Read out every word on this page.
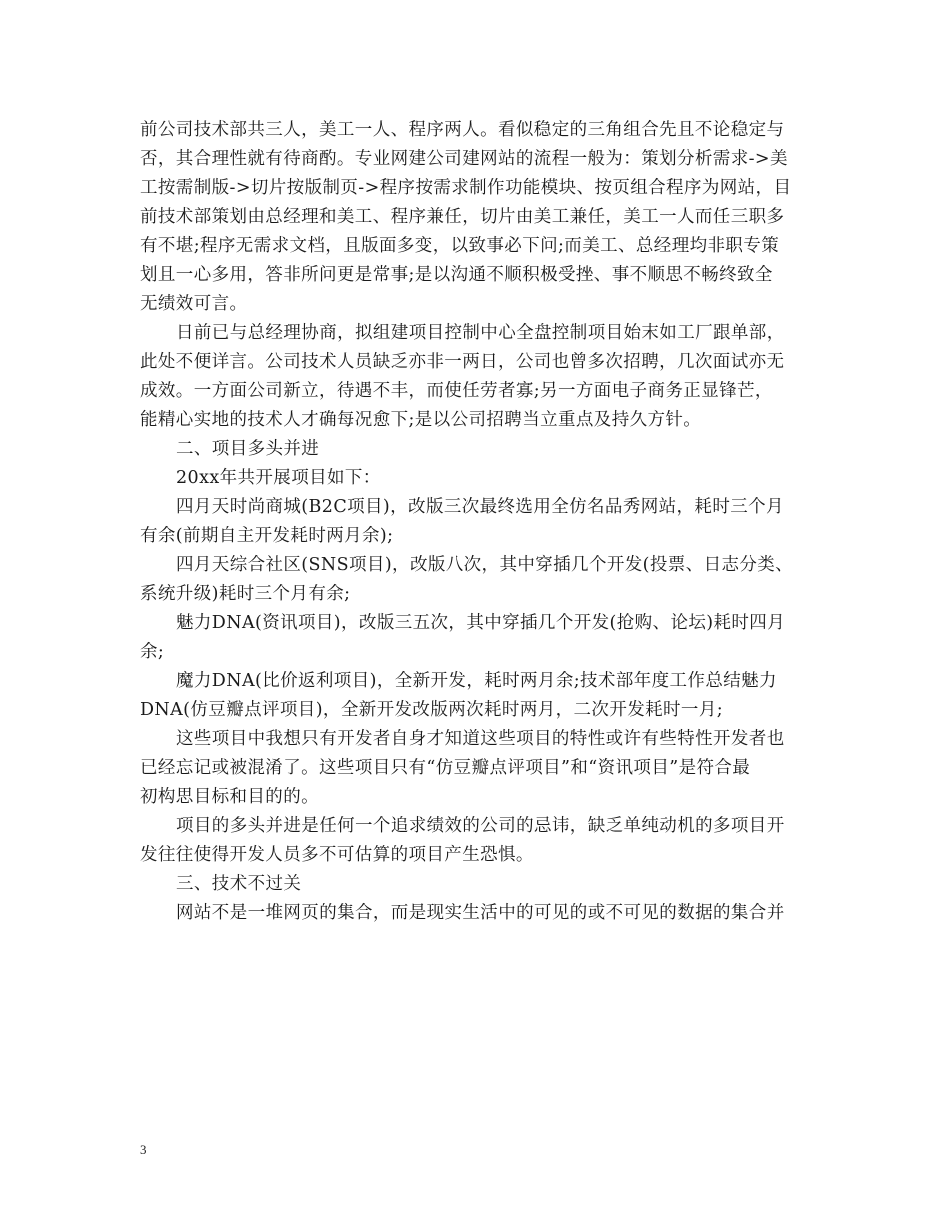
前公司技术部共三人，美工一人、程序两人。看似稳定的三角组合先且不论稳定与
否，其合理性就有待商酌。专业网建公司建网站的流程一般为：策划分析需求->美
工按需制版->切片按版制页->程序按需求制作功能模块、按页组合程序为网站，目
前技术部策划由总经理和美工、程序兼任，切片由美工兼任，美工一人而任三职多
有不堪;程序无需求文档，且版面多变，以致事必下问;而美工、总经理均非职专策
划且一心多用，答非所问更是常事;是以沟通不顺积极受挫、事不顺思不畅终致全
无绩效可言。
日前已与总经理协商，拟组建项目控制中心全盘控制项目始末如工厂跟单部，
此处不便详言。公司技术人员缺乏亦非一两日，公司也曾多次招聘，几次面试亦无
成效。一方面公司新立，待遇不丰，而使任劳者寡;另一方面电子商务正显锋芒，
能精心实地的技术人才确每况愈下;是以公司招聘当立重点及持久方针。
二、项目多头并进
20xx年共开展项目如下：
四月天时尚商城(B2C项目)，改版三次最终选用全仿名品秀网站，耗时三个月
有余(前期自主开发耗时两月余);
四月天综合社区(SNS项目)，改版八次，其中穿插几个开发(投票、日志分类、
系统升级)耗时三个月有余;
魅力DNA(资讯项目)，改版三五次，其中穿插几个开发(抢购、论坛)耗时四月
余;
魔力DNA(比价返利项目)，全新开发，耗时两月余;技术部年度工作总结魅力
DNA(仿豆瓣点评项目)，全新开发改版两次耗时两月，二次开发耗时一月;
这些项目中我想只有开发者自身才知道这些项目的特性或许有些特性开发者也
已经忘记或被混淆了。这些项目只有“仿豆瓣点评项目”和“资讯项目”是符合最
初构思目标和目的的。
项目的多头并进是任何一个追求绩效的公司的忌讳，缺乏单纯动机的多项目开
发往往使得开发人员多不可估算的项目产生恐惧。
三、技术不过关
网站不是一堆网页的集合，而是现实生活中的可见的或不可见的数据的集合并
3
